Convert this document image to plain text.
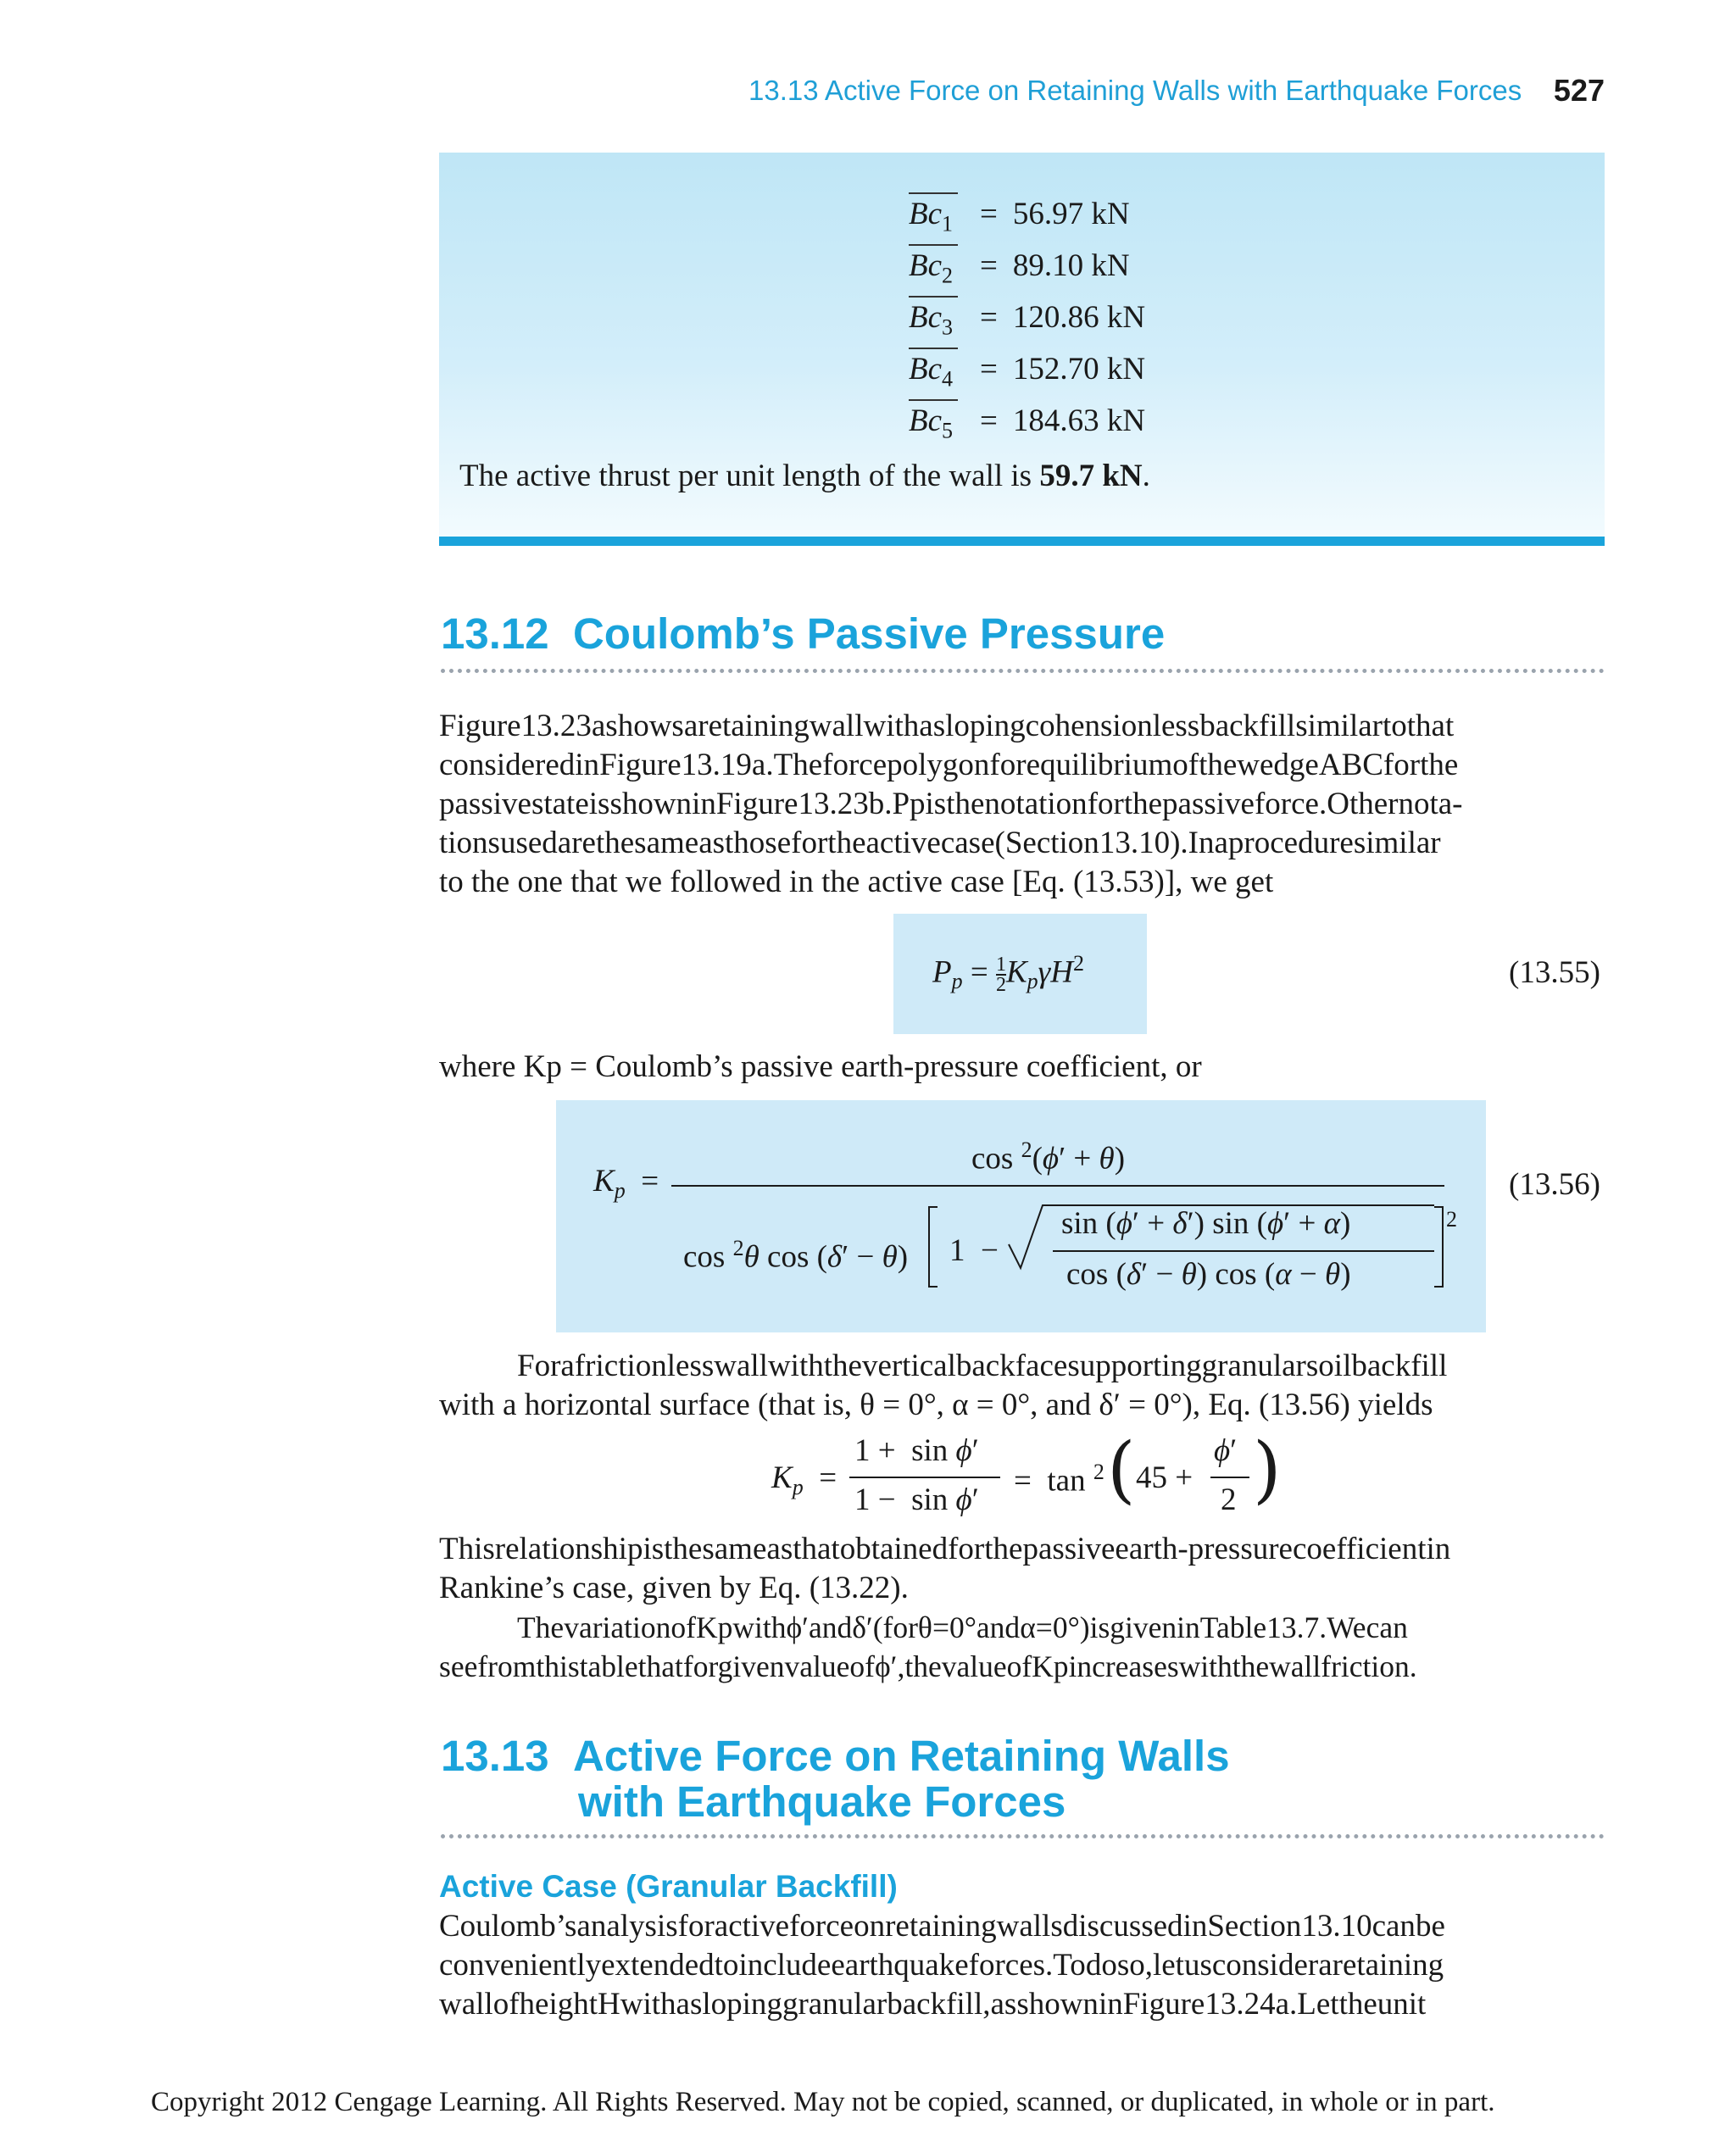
13.13 Active Force on Retaining Walls with Earthquake Forces 527
$Bc_1 = 56.97$ kN
$Bc_2 = 89.10$ kN
$Bc_3 = 120.86$ kN
$Bc_4 = 152.70$ kN
$Bc_5 = 184.63$ kN
The active thrust per unit length of the wall is 59.7 kN.
13.12 Coulomb’s Passive Pressure
Figure13.23ashowsaretainingwallwithaslopingcohensionlessbackfillsimilartothat
consideredinFigure13.19a.TheforcepolygonforequilibriumofthewedgeABCforthe
passivestateisshowninFigure13.23b.Ppisthenotationforthepassiveforce.Othernota-
tionsusedarethesameasthosefortheactivecase(Section13.10).Inaproceduresimilar
to the one that we followed in the active case [Eq. (13.53)], we get
$P_p = \frac{1}{2} K_p\gamma H^2$	(13.55)
where Kp = Coulomb’s passive earth-pressure coefficient, or
$K_p$  =
cos $^2$(ϕ′ + θ)
cos $^2$θ cos (δ′ − θ) 1  −
sin (ϕ′ + δ′) sin (ϕ′ + α)
cos (δ′ − θ) cos (α − θ)
2
(13.56)
Forafrictionlesswallwiththeverticalbackfacesupportinggranularsoilbackfill
with a horizontal surface (that is, θ = 0°, α = 0°, and δ′ = 0°), Eq. (13.56) yields
$K_p$  =
1 +  sin ϕ′
1 −  sin ϕ′
=  tan $^2$ ( 45 +
ϕ′
2 )
Thisrelationshipisthesameasthatobtainedforthepassiveearth-pressurecoefficientin
Rankine’s case, given by Eq. (13.22).
ThevariationofKpwithϕ′andδ′(forθ=0°andα=0°)isgiveninTable13.7.Wecan
seefromthistablethatforgivenvalueofϕ′,thevalueofKpincreaseswiththewallfriction.
13.13 Active Force on Retaining Walls
with Earthquake Forces
Active Case (Granular Backfill)
Coulomb’sanalysisforactiveforceonretainingwallsdiscussedinSection13.10canbe
convenientlyextendedtoincludeearthquakeforces.Todoso,letusconsideraretaining
wallofheightHwithaslopinggranularbackfill,asshowninFigure13.24a.Lettheunit
Copyright 2012 Cengage Learning. All Rights Reserved. May not be copied, scanned, or duplicated, in whole or in part.
